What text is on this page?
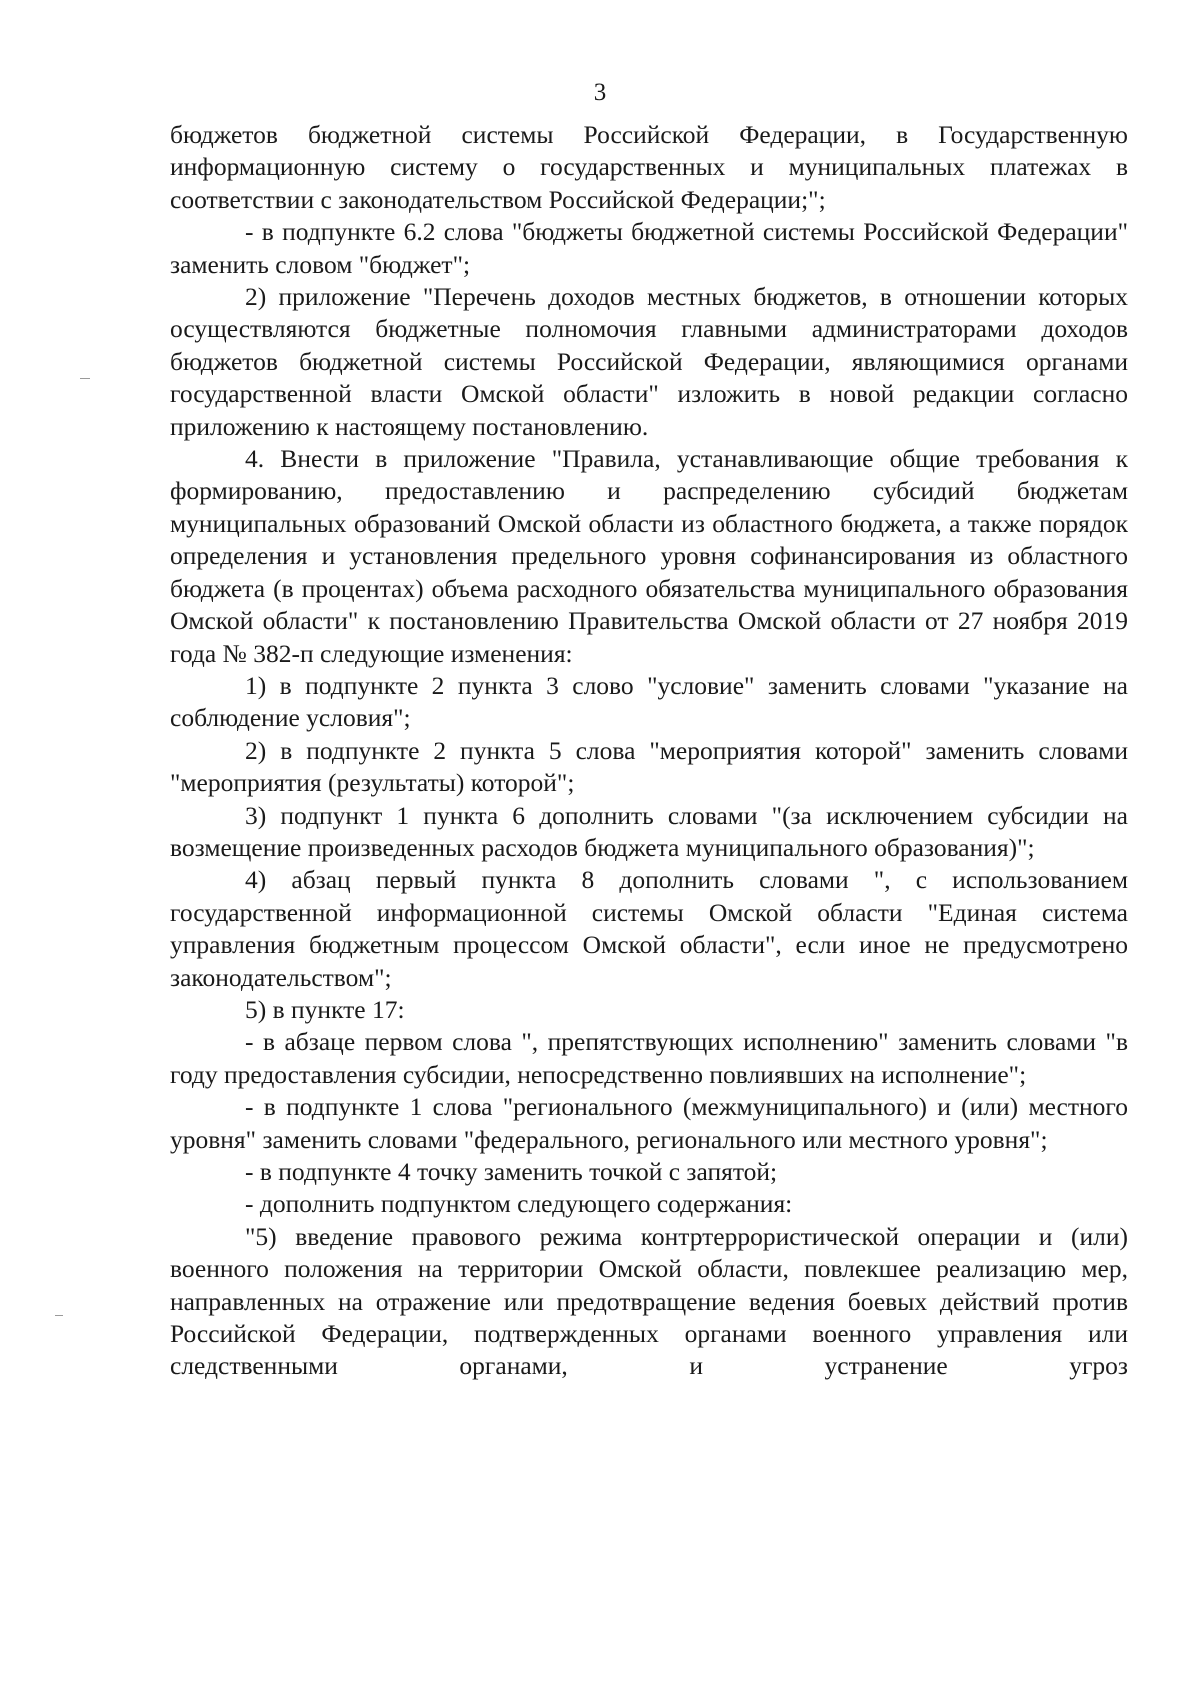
3

бюджетов бюджетной системы Российской Федерации, в Государственную информационную систему о государственных и муниципальных платежах в соответствии с законодательством Российской Федерации;";

- в подпункте 6.2 слова "бюджеты бюджетной системы Российской Федерации" заменить словом "бюджет";

2) приложение "Перечень доходов местных бюджетов, в отношении которых осуществляются бюджетные полномочия главными администраторами доходов бюджетов бюджетной системы Российской Федерации, являющимися органами государственной власти Омской области" изложить в новой редакции согласно приложению к настоящему постановлению.

4. Внести в приложение "Правила, устанавливающие общие требования к формированию, предоставлению и распределению субсидий бюджетам муниципальных образований Омской области из областного бюджета, а также порядок определения и установления предельного уровня софинансирования из областного бюджета (в процентах) объема расходного обязательства муниципального образования Омской области" к постановлению Правительства Омской области от 27 ноября 2019 года № 382-п следующие изменения:

1) в подпункте 2 пункта 3 слово "условие" заменить словами "указание на соблюдение условия";

2) в подпункте 2 пункта 5 слова "мероприятия которой" заменить словами "мероприятия (результаты) которой";

3) подпункт 1 пункта 6 дополнить словами "(за исключением субсидии на возмещение произведенных расходов бюджета муниципального образования)";

4) абзац первый пункта 8 дополнить словами ", с использованием государственной информационной системы Омской области "Единая система управления бюджетным процессом Омской области", если иное не предусмотрено законодательством";

5) в пункте 17:

- в абзаце первом слова ", препятствующих исполнению" заменить словами "в году предоставления субсидии, непосредственно повлиявших на исполнение";

- в подпункте 1 слова "регионального (межмуниципального) и (или) местного уровня" заменить словами "федерального, регионального или местного уровня";

- в подпункте 4 точку заменить точкой с запятой;

- дополнить подпунктом следующего содержания:

"5) введение правового режима контртеррористической операции и (или) военного положения на территории Омской области, повлекшее реализацию мер, направленных на отражение или предотвращение ведения боевых действий против Российской Федерации, подтвержденных органами военного управления или следственными органами, и устранение угроз
